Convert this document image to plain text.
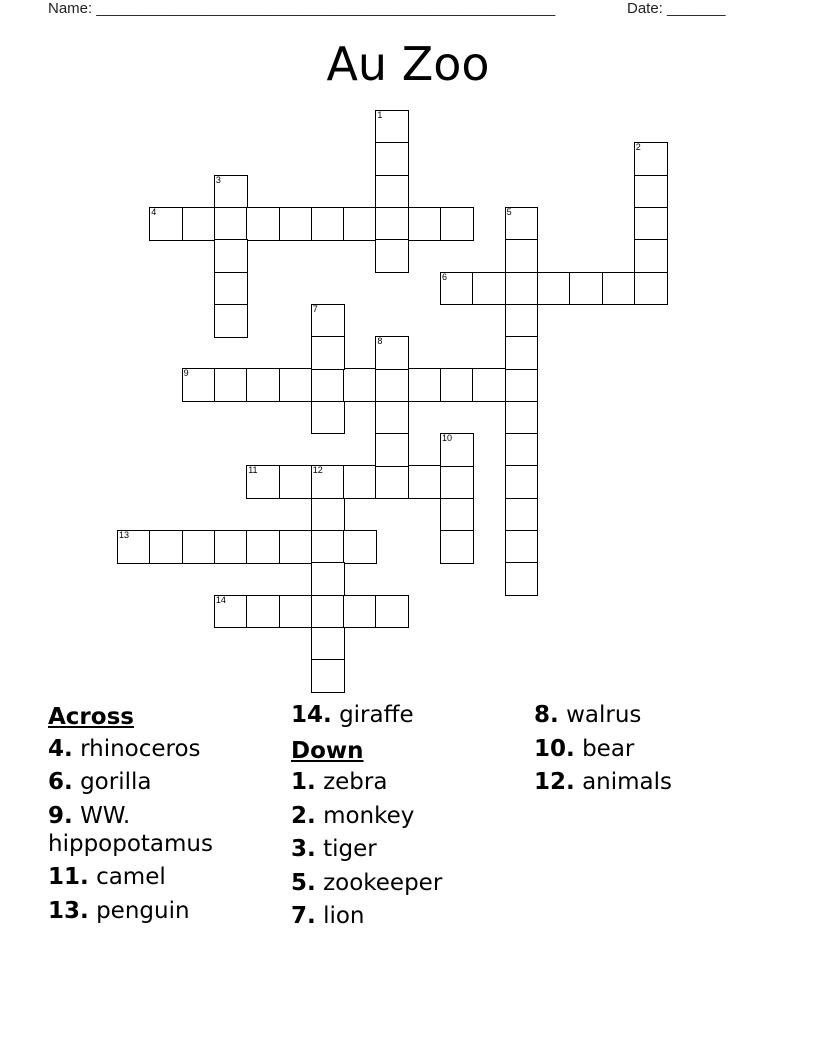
Name: _______________________________________________________	Date: _______
Au Zoo
4
6
9
11	12
13
14
1
2
3
5
7
8
10
Across
4. rhinoceros
6. gorilla
9. WW. hippopotamus
11. camel
13. penguin
14. giraffe
Down
1. zebra
2. monkey
3. tiger
5. zookeeper
7. lion
8. walrus
10. bear
12. animals
